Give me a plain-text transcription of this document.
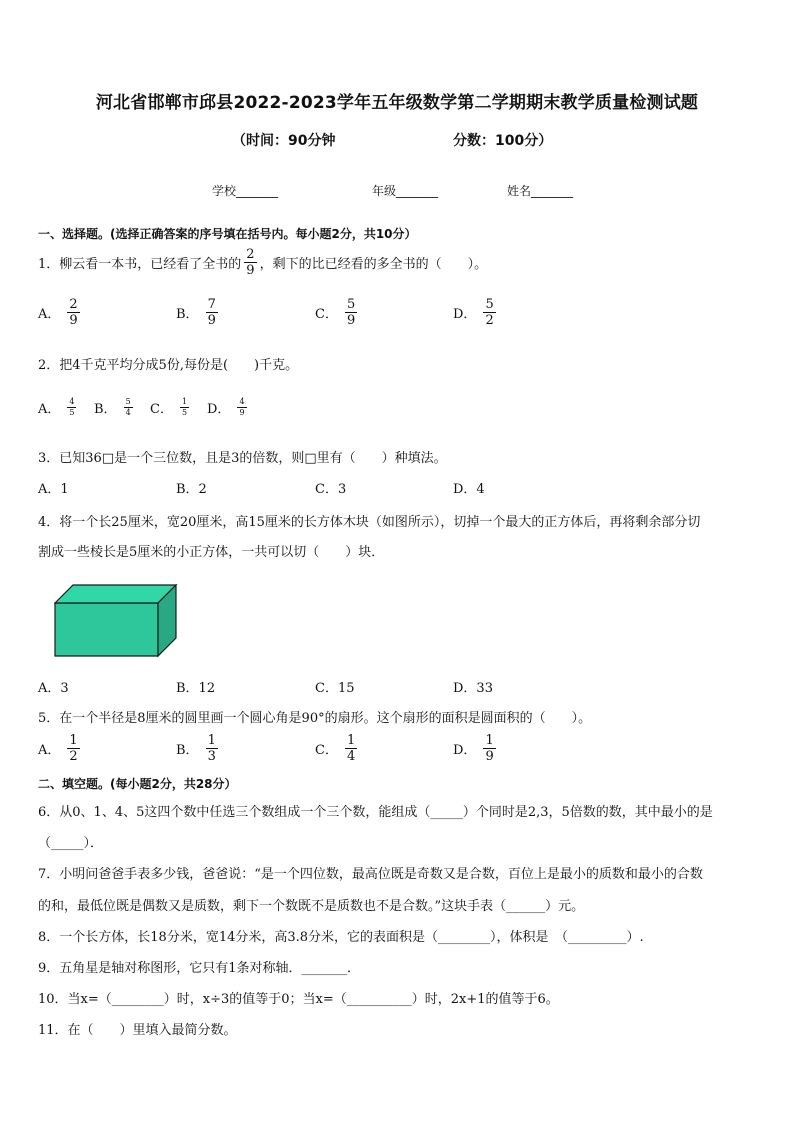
河北省邯郸市邱县2022-2023学年五年级数学第二学期期末教学质量检测试题
（时间：90分钟	分数：100分）
学校_______	年级_______	姓名_______
一、选择题。(选择正确答案的序号填在括号内。每小题2分，共10分）
1．柳云看一本书，已经看了全书的 $\frac{2}{9}$ ，剩下的比已经看的多全书的（　　）。
A． $\frac{2}{9}$	B． $\frac{7}{9}$	C． $\frac{5}{9}$	D． $\frac{5}{2}$
2．把4千克平均分成5份,每份是(　　)千克。
A． $\frac{4}{5}$ B． $\frac{5}{4}$ C． $\frac{1}{5}$ D． $\frac{4}{9}$
3．已知36□是一个三位数，且是3的倍数，则□里有（　　）种填法。
A．1	B．2	C．3	D．4
4．将一个长25厘米，宽20厘米，高15厘米的长方体木块（如图所示），切掉一个最大的正方体后，再将剩余部分切
割成一些棱长是5厘米的小正方体，一共可以切（　　）块．
A．3	B．12	C．15	D．33
5．在一个半径是8厘米的圆里画一个圆心角是90°的扇形。这个扇形的面积是圆面积的（　　）。
A． $\frac{1}{2}$	B． $\frac{1}{3}$	C． $\frac{1}{4}$	D． $\frac{1}{9}$
二、填空题。(每小题2分，共28分）
6．从0、1、4、5这四个数中任选三个数组成一个三个数，能组成（_____）个同时是2,3，5倍数的数，其中最小的是
（_____）．
7．小明问爸爸手表多少钱，爸爸说：“是一个四位数，最高位既是奇数又是合数，百位上是最小的质数和最小的合数
的和，最低位既是偶数又是质数，剩下一个数既不是质数也不是合数。”这块手表（______）元。
8．一个长方体，长18分米，宽14分米，高3.8分米，它的表面积是（________），体积是　（_________）.
9．五角星是轴对称图形，它只有1条对称轴．_______．
10．当x=（________）时，x÷3的值等于0；当x=（__________）时，2x+1的值等于6。
11．在（　　）里填入最简分数。
